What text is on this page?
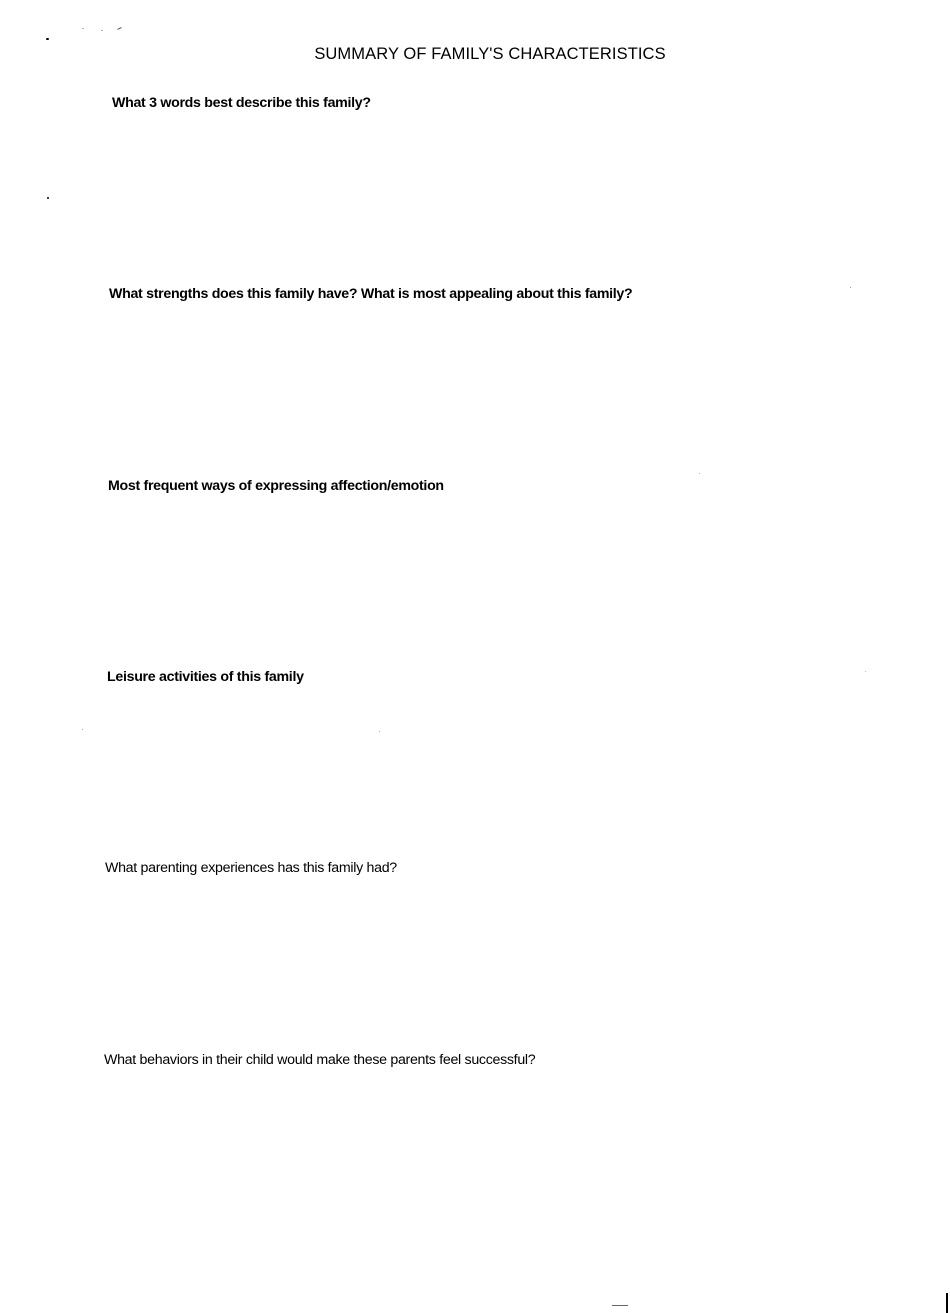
SUMMARY OF FAMILY'S CHARACTERISTICS

What 3 words best describe this family?

What strengths does this family have? What is most appealing about this family?

Most frequent ways of expressing affection/emotion

Leisure activities of this family

What parenting experiences has this family had?

What behaviors in their child would make these parents feel successful?
